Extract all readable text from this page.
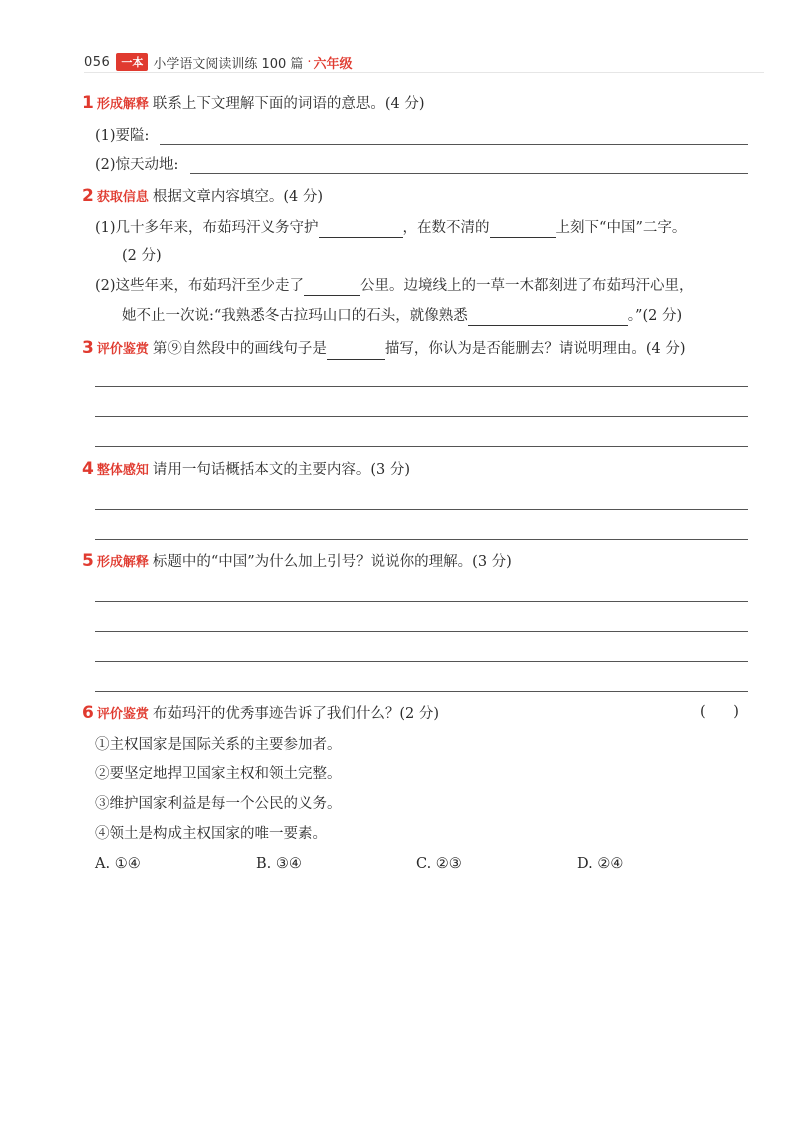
056	一本 小学语文阅读训练 100 篇 · 六年级
1 形成解释 联系上下文理解下面的词语的意思。(4 分)
(1)要隘:
(2)惊天动地:
2 获取信息 根据文章内容填空。(4 分)
(1)几十多年来，布茹玛汗义务守护	，在数不清的	上刻下“中国”二字。
(2 分)
(2)这些年来，布茹玛汗至少走了	公里。边境线上的一草一木都刻进了布茹玛汗心里，
她不止一次说:“我熟悉冬古拉玛山口的石头，就像熟悉	。”(2 分)
3 评价鉴赏 第⑨自然段中的画线句子是	描写，你认为是否能删去？请说明理由。(4 分)
4 整体感知 请用一句话概括本文的主要内容。(3 分)
5 形成解释 标题中的“中国”为什么加上引号？说说你的理解。(3 分)
6 评价鉴赏 布茹玛汗的优秀事迹告诉了我们什么？(2 分)	(      )
①主权国家是国际关系的主要参加者。
②要坚定地捍卫国家主权和领土完整。
③维护国家利益是每一个公民的义务。
④领土是构成主权国家的唯一要素。
A. ①④	B. ③④	C. ②③	D. ②④
